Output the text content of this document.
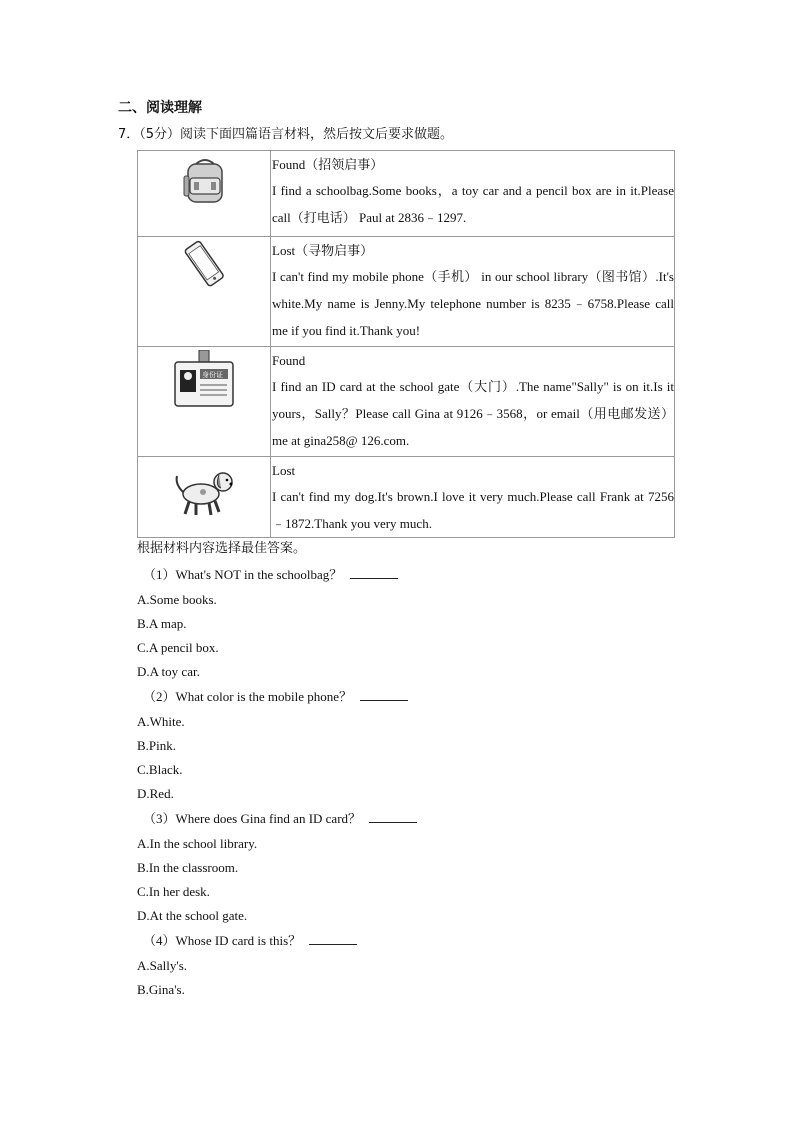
二、阅读理解
7．（5分）阅读下面四篇语言材料，然后按文后要求做题。

Found（招领启事）
I find a schoolbag.Some books，a toy car and a pencil box are in it.Please call（打电话） Paul at 2836﹣1297.

Lost（寻物启事）
I can't find my mobile phone（手机） in our school library（图书馆）.It's white.My name is Jenny.My telephone number is 8235﹣6758.Please call me if you find it.Thank you!

身份证	Found
I find an ID card at the school gate（大门）.The name"Sally" is on it.Is it yours，Sally？Please call Gina at 9126﹣3568，or email（用电邮发送） me at gina258@ 126.com.

Lost
I can't find my dog.It's brown.I love it very much.Please call Frank at 7256﹣1872.Thank you very much.
根据材料内容选择最佳答案。
（1）What's NOT in the schoolbag？
A.Some books.
B.A map.
C.A pencil box.
D.A toy car.
（2）What color is the mobile phone？
A.White.
B.Pink.
C.Black.
D.Red.
（3）Where does Gina find an ID card？
A.In the school library.
B.In the classroom.
C.In her desk.
D.At the school gate.
（4）Whose ID card is this？
A.Sally's.
B.Gina's.
